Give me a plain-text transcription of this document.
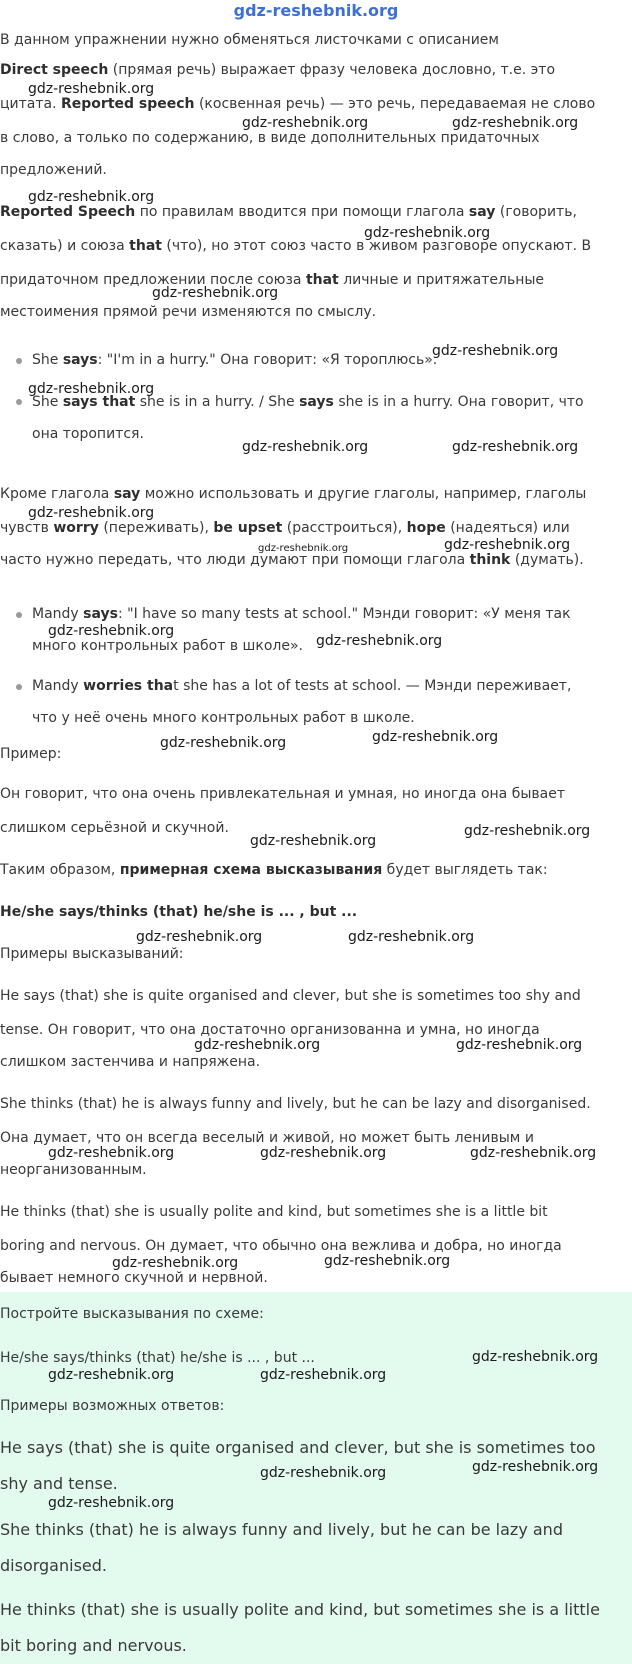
gdz-reshebnik.org

В данном упражнении нужно обменяться листочками с описанием

Direct speech (прямая речь) выражает фразу человека дословно, т.е. это

цитата. Reported speech (косвенная речь) — это речь, передаваемая не слово

в слово, а только по содержанию, в виде дополнительных придаточных

предложений.

Reported Speech по правилам вводится при помощи глагола say (говорить,

сказать) и союза that (что), но этот союз часто в живом разговоре опускают. В

придаточном предложении после союза that личные и притяжательные

местоимения прямой речи изменяются по смыслу.

She says: "I'm in a hurry." Она говорит: «Я тороплюсь».

She says that she is in a hurry. / She says she is in a hurry. Она говорит, что

она торопится.

Кроме глагола say можно использовать и другие глаголы, например, глаголы

чувств worry (переживать), be upset (расстроиться), hope (надеяться) или

часто нужно передать, что люди думают при помощи глагола think (думать).

Mandy says: "I have so many tests at school." Мэнди говорит: «У меня так

много контрольных работ в школе».

Mandy worries that she has a lot of tests at school. — Мэнди переживает,

что у неё очень много контрольных работ в школе.

Пример:

Он говорит, что она очень привлекательная и умная, но иногда она бывает

слишком серьёзной и скучной.

Таким образом, примерная схема высказывания будет выглядеть так:

He/she says/thinks (that) he/she is ... , but ...

Примеры высказываний:

He says (that) she is quite organised and clever, but she is sometimes too shy and

tense. Он говорит, что она достаточно организованна и умна, но иногда

слишком застенчива и напряжена.

She thinks (that) he is always funny and lively, but he can be lazy and disorganised.

Она думает, что он всегда веселый и живой, но может быть ленивым и

неорганизованным.

He thinks (that) she is usually polite and kind, but sometimes she is a little bit

boring and nervous. Он думает, что обычно она вежлива и добра, но иногда

бывает немного скучной и нервной.

Постройте высказывания по схеме:

He/she says/thinks (that) he/she is ... , but ...

Примеры возможных ответов:

He says (that) she is quite organised and clever, but she is sometimes too

shy and tense.

She thinks (that) he is always funny and lively, but he can be lazy and

disorganised.

He thinks (that) she is usually polite and kind, but sometimes she is a little

bit boring and nervous.

gdz-reshebnik.org
gdz-reshebnik.org	gdz-reshebnik.org
gdz-reshebnik.org
gdz-reshebnik.org
gdz-reshebnik.org
gdz-reshebnik.org
gdz-reshebnik.org
gdz-reshebnik.org	gdz-reshebnik.org
gdz-reshebnik.org
gdz-reshebnik.org	gdz-reshebnik.org
gdz-reshebnik.org
gdz-reshebnik.org
gdz-reshebnik.org
gdz-reshebnik.org
gdz-reshebnik.org
gdz-reshebnik.org
gdz-reshebnik.org	gdz-reshebnik.org
gdz-reshebnik.org	gdz-reshebnik.org
gdz-reshebnik.org	gdz-reshebnik.org	gdz-reshebnik.org
gdz-reshebnik.org	gdz-reshebnik.org
gdz-reshebnik.org
gdz-reshebnik.org	gdz-reshebnik.org
gdz-reshebnik.org	gdz-reshebnik.org
gdz-reshebnik.org
